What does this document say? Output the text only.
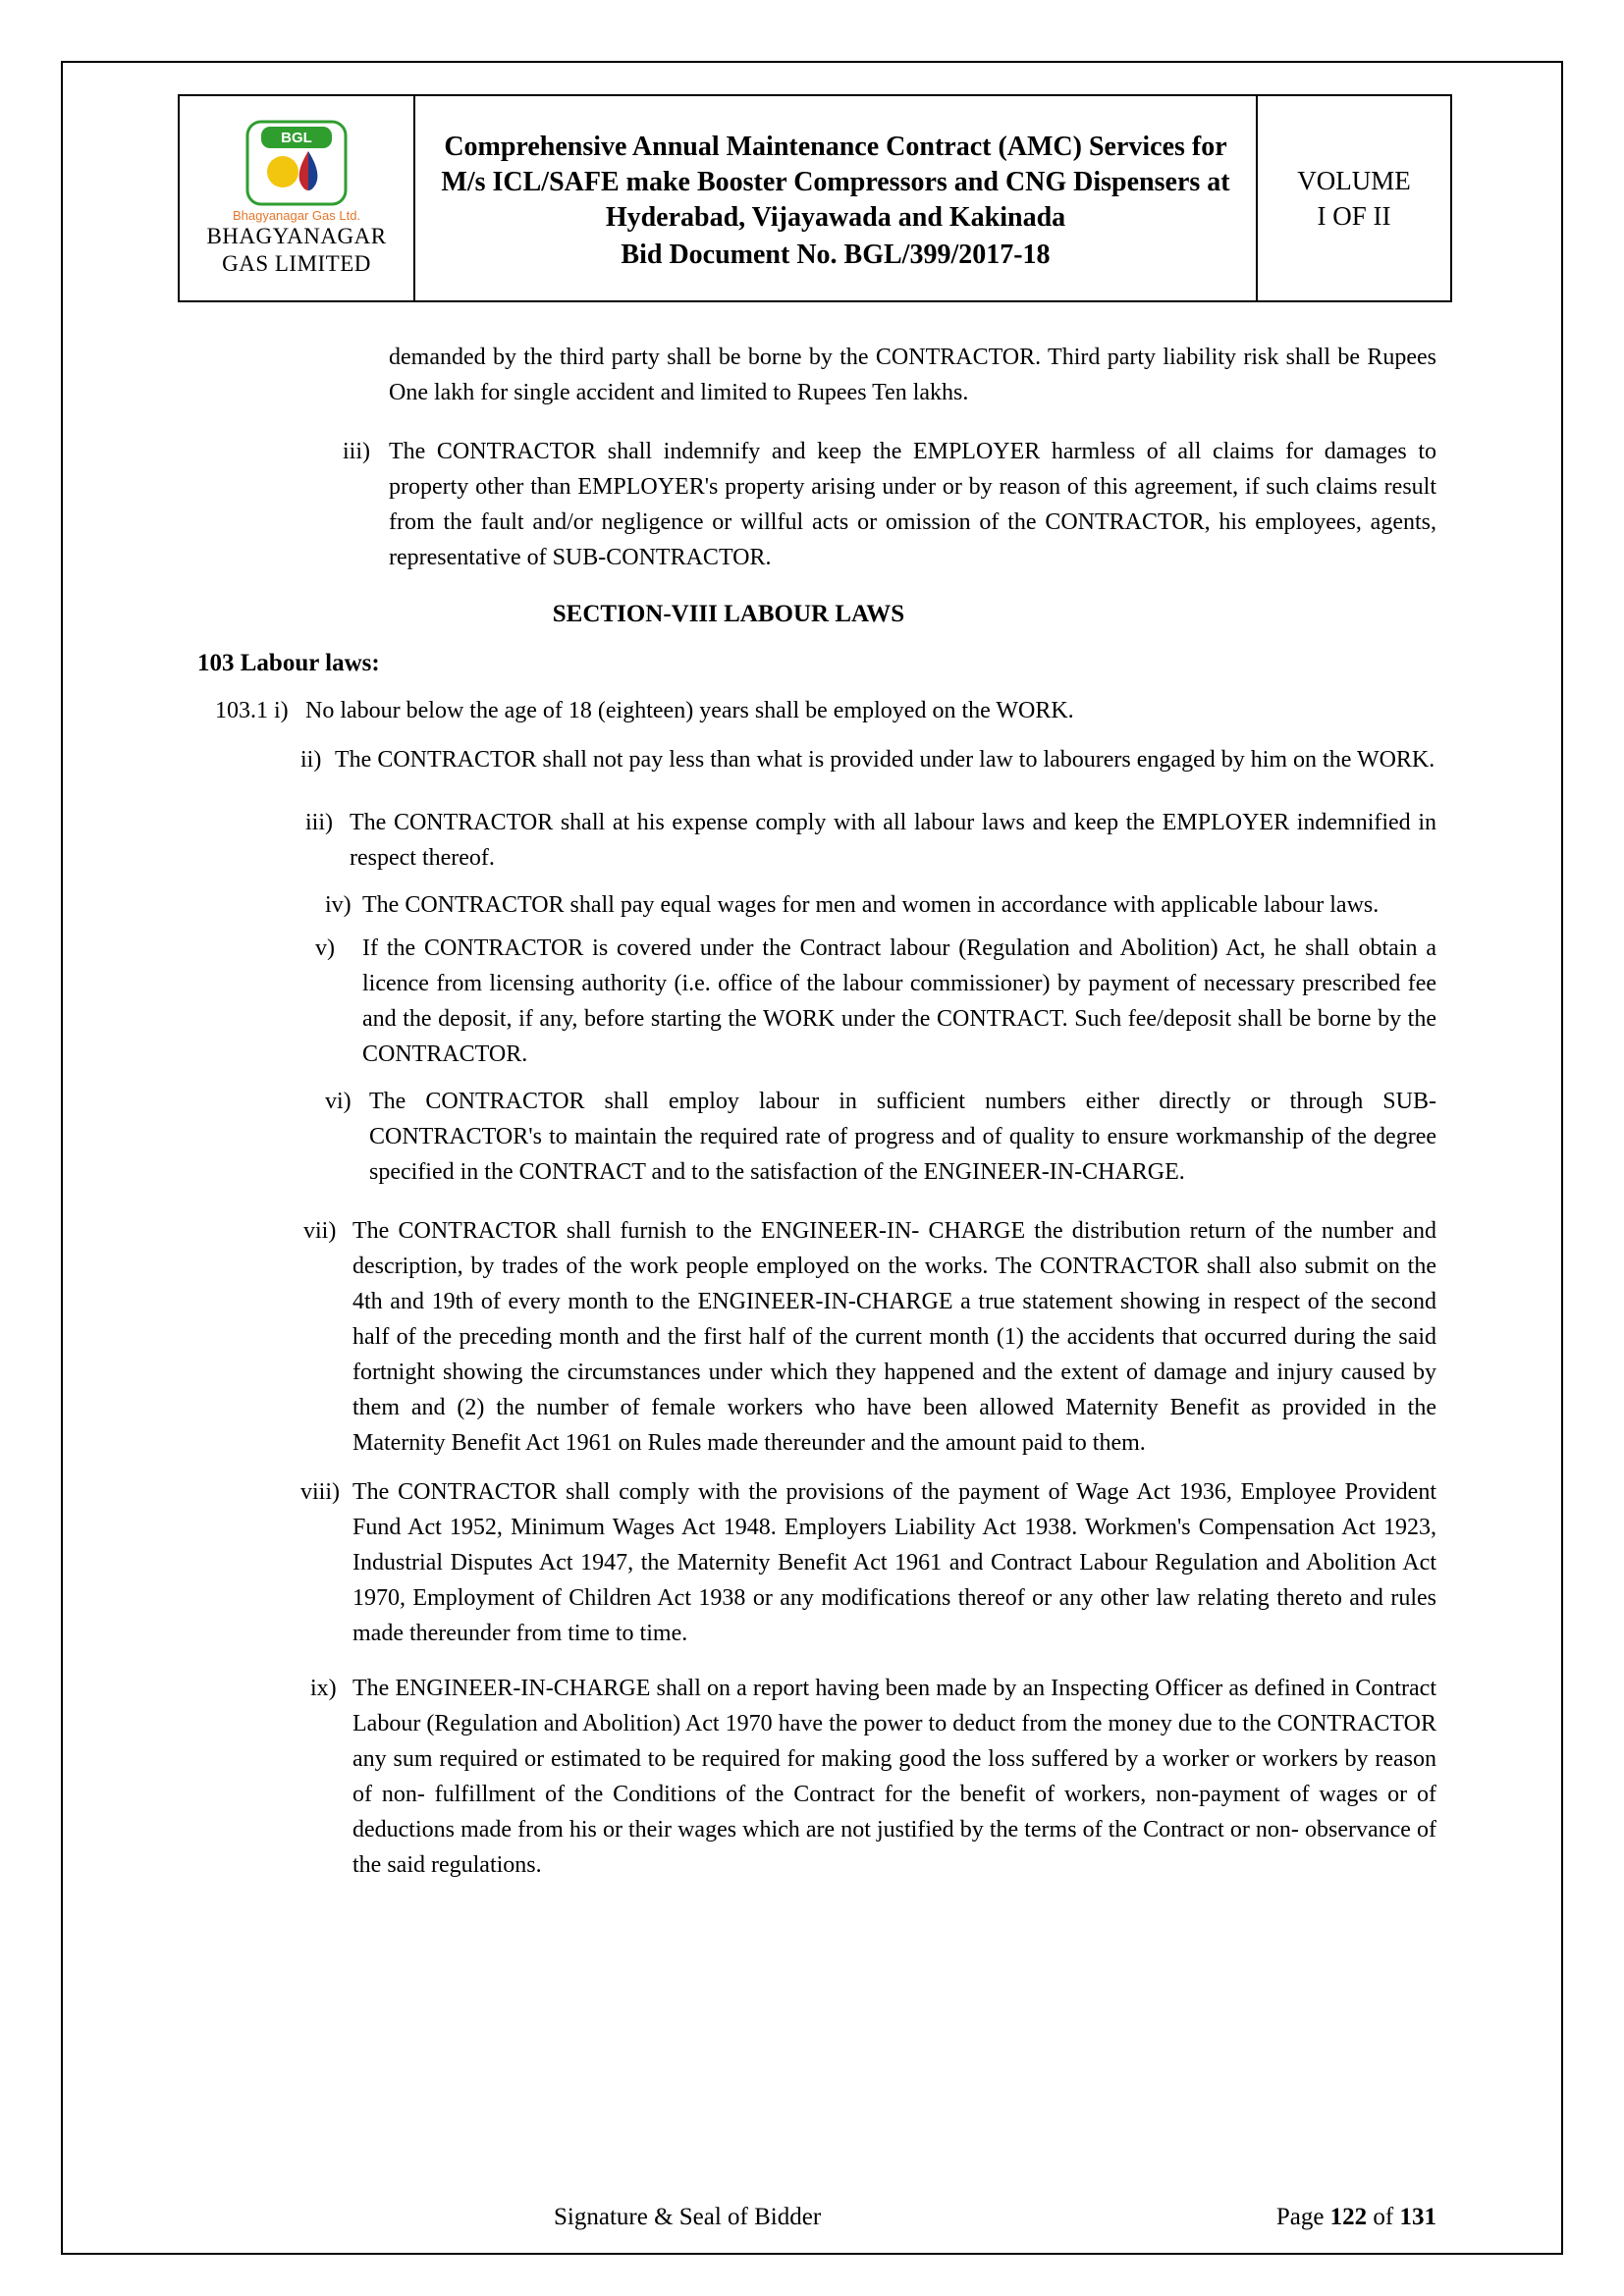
BGL
Bhagyanagar Gas Ltd.
BHAGYANAGAR
GAS LIMITED
Comprehensive Annual Maintenance Contract (AMC) Services for M/s ICL/SAFE make Booster Compressors and CNG Dispensers at Hyderabad, Vijayawada and Kakinada
Bid Document No. BGL/399/2017-18
VOLUME
I OF II
demanded by the third party shall be borne by the CONTRACTOR. Third party liability risk shall be Rupees One lakh for single accident and limited to Rupees Ten lakhs.
iii) The CONTRACTOR shall indemnify and keep the EMPLOYER harmless of all claims for damages to property other than EMPLOYER's property arising under or by reason of this agreement, if such claims result from the fault and/or negligence or willful acts or omission of the CONTRACTOR, his employees, agents, representative of SUB-CONTRACTOR.
SECTION-VIII LABOUR LAWS
103 Labour laws:
103.1 i) No labour below the age of 18 (eighteen) years shall be employed on the WORK.
ii) The CONTRACTOR shall not pay less than what is provided under law to labourers engaged by him on the WORK.
iii) The CONTRACTOR shall at his expense comply with all labour laws and keep the EMPLOYER indemnified in respect thereof.
iv) The CONTRACTOR shall pay equal wages for men and women in accordance with applicable labour laws.
v) If the CONTRACTOR is covered under the Contract labour (Regulation and Abolition) Act, he shall obtain a licence from licensing authority (i.e. office of the labour commissioner) by payment of necessary prescribed fee and the deposit, if any, before starting the WORK under the CONTRACT. Such fee/deposit shall be borne by the CONTRACTOR.
vi) The CONTRACTOR shall employ labour in sufficient numbers either directly or through SUB- CONTRACTOR's to maintain the required rate of progress and of quality to ensure workmanship of the degree specified in the CONTRACT and to the satisfaction of the ENGINEER-IN-CHARGE.
vii) The CONTRACTOR shall furnish to the ENGINEER-IN- CHARGE the distribution return of the number and description, by trades of the work people employed on the works. The CONTRACTOR shall also submit on the 4th and 19th of every month to the ENGINEER-IN-CHARGE a true statement showing in respect of the second half of the preceding month and the first half of the current month (1) the accidents that occurred during the said fortnight showing the circumstances under which they happened and the extent of damage and injury caused by them and (2) the number of female workers who have been allowed Maternity Benefit as provided in the Maternity Benefit Act 1961 on Rules made thereunder and the amount paid to them.
viii) The CONTRACTOR shall comply with the provisions of the payment of Wage Act 1936, Employee Provident Fund Act 1952, Minimum Wages Act 1948. Employers Liability Act 1938. Workmen's Compensation Act 1923, Industrial Disputes Act 1947, the Maternity Benefit Act 1961 and Contract Labour Regulation and Abolition Act 1970, Employment of Children Act 1938 or any modifications thereof or any other law relating thereto and rules made thereunder from time to time.
ix) The ENGINEER-IN-CHARGE shall on a report having been made by an Inspecting Officer as defined in Contract Labour (Regulation and Abolition) Act 1970 have the power to deduct from the money due to the CONTRACTOR any sum required or estimated to be required for making good the loss suffered by a worker or workers by reason of non- fulfillment of the Conditions of the Contract for the benefit of workers, non-payment of wages or of deductions made from his or their wages which are not justified by the terms of the Contract or non- observance of the said regulations.
Signature & Seal of Bidder	Page 122 of 131
